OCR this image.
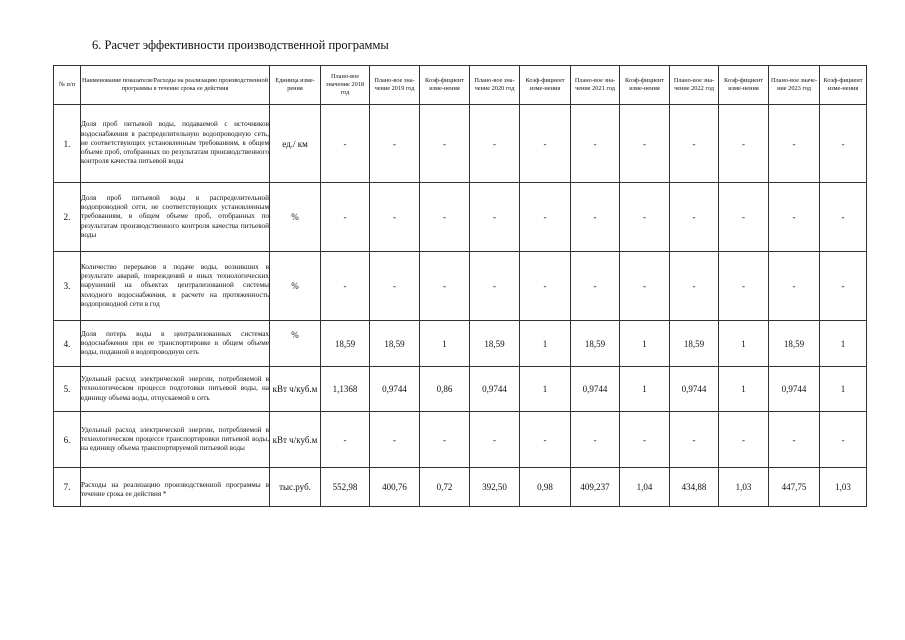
6. Расчет эффективности производственной программы
№ п/п	Наименование показателя/Расходы на реализацию производственной программы в течение срока ее действия	Единица изме-рения	Плано-вое значение 2018 год	Плано-вое зна-чение 2019 год	Коэф-фициент изме-нения	Плано-вое зна-чение 2020 год	Коэф-фициент изме-нения	Плано-вое зна-чение 2021 год	Коэф-фициент изме-нения	Плано-вое зна-чение 2022 год	Коэф-фициент изме-нения	Плано-вое значе-ние 2023 год	Коэф-фициент изме-нения
1.	Доля проб питьевой воды, подаваемой с источников водоснабжения в распределительную водопроводную сеть, не соответствующих установленным требованиям, в общем объеме проб, отобранных по результатам производственного контроля качества питьевой воды	ед./ км	-	-	-	-	-	-	-	-	-	-	-
2.	Доля проб питьевой воды в распределительной водопроводной сети, не соответствующих установленным требованиям, в общем объеме проб, отобранных по результатам производственного контроля качества питьевой воды	%	-	-	-	-	-	-	-	-	-	-	-
3.	Количество перерывов в подаче воды, возникших в результате аварий, повреждений и иных технологических нарушений на объектах централизованной системы холодного водоснабжения, в расчете на протяженность водопроводной сети в год	%	-	-	-	-	-	-	-	-	-	-	-
4.	Доля потерь воды в централизованных системах водоснабжения при ее транспортировке в общем объеме воды, поданной в водопроводную сеть	%	18,59	18,59	1	18,59	1	18,59	1	18,59	1	18,59	1
5.	Удельный расход электрической энергии, потребляемой в технологическом процессе подготовки питьевой воды, на единицу объема воды, отпускаемой в сеть	кВт ч/куб.м	1,1368	0,9744	0,86	0,9744	1	0,9744	1	0,9744	1	0,9744	1
6.	Удельный расход электрической энергии, потребляемой в технологическом процессе транспортировки питьевой воды, на единицу объема транспортируемой питьевой воды	кВт ч/куб.м	-	-	-	-	-	-	-	-	-	-	-
7.	Расходы на реализацию производственной программы в течение срока ее действия *	тыс.руб.	552,98	400,76	0,72	392,50	0,98	409,237	1,04	434,88	1,03	447,75	1,03
